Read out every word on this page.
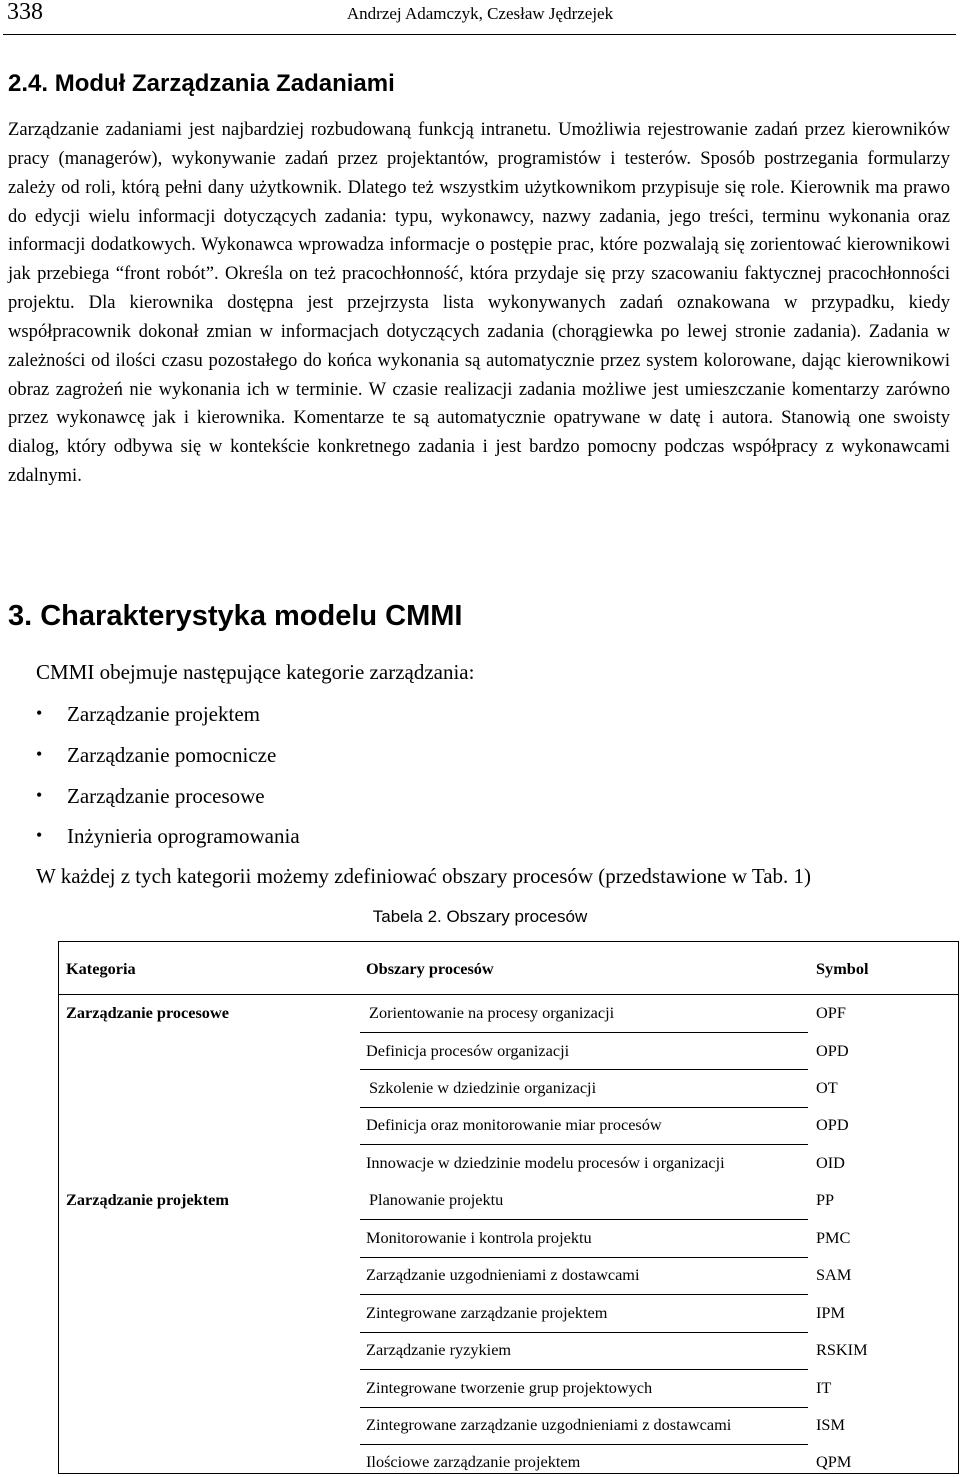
338	Andrzej Adamczyk, Czesław Jędrzejek
2.4. Moduł Zarządzania Zadaniami
Zarządzanie zadaniami jest najbardziej rozbudowaną funkcją intranetu. Umożliwia rejestrowanie zadań przez kierowników pracy (managerów), wykonywanie zadań przez projektantów, programistów i testerów. Sposób postrzegania formularzy zależy od roli, którą pełni dany użytkownik. Dlatego też wszystkim użytkownikom przypisuje się role. Kierownik ma prawo do edycji wielu informacji dotyczących zadania: typu, wykonawcy, nazwy zadania, jego treści, terminu wykonania oraz informacji dodatkowych. Wykonawca wprowadza informacje o postępie prac, które pozwalają się zorientować kierownikowi jak przebiega “front robót”. Określa on też pracochłonność, która przydaje się przy szacowaniu faktycznej pracochłonności projektu. Dla kierownika dostępna jest przejrzysta lista wykonywanych zadań oznakowana w przypadku, kiedy współpracownik dokonał zmian w informacjach dotyczących zadania (chorągiewka po lewej stronie zadania). Zadania w zależności od ilości czasu pozostałego do końca wykonania są automatycznie przez system kolorowane, dając kierownikowi obraz zagrożeń nie wykonania ich w terminie. W czasie realizacji zadania możliwe jest umieszczanie komentarzy zarówno przez wykonawcę jak i kierownika. Komentarze te są automatycznie opatrywane w datę i autora. Stanowią one swoisty dialog, który odbywa się w kontekście konkretnego zadania i jest bardzo pomocny podczas współpracy z wykonawcami zdalnymi.
3. Charakterystyka modelu CMMI
CMMI obejmuje następujące kategorie zarządzania:
• Zarządzanie projektem
• Zarządzanie pomocnicze
• Zarządzanie procesowe
• Inżynieria oprogramowania
W każdej z tych kategorii możemy zdefiniować obszary procesów (przedstawione w Tab. 1)
Tabela 2. Obszary procesów
Kategoria	Obszary procesów	Symbol
Zarządzanie procesowe	Zorientowanie na procesy organizacji	OPF
Definicja procesów organizacji	OPD
Szkolenie w dziedzinie organizacji	OT
Definicja oraz monitorowanie miar procesów	OPD
Innowacje w dziedzinie modelu procesów i organizacji	OID
Zarządzanie projektem	Planowanie projektu	PP
Monitorowanie i kontrola projektu	PMC
Zarządzanie uzgodnieniami z dostawcami	SAM
Zintegrowane zarządzanie projektem	IPM
Zarządzanie ryzykiem	RSKIM
Zintegrowane tworzenie grup projektowych	IT
Zintegrowane zarządzanie uzgodnieniami z dostawcami	ISM
Ilościowe zarządzanie projektem	QPM
